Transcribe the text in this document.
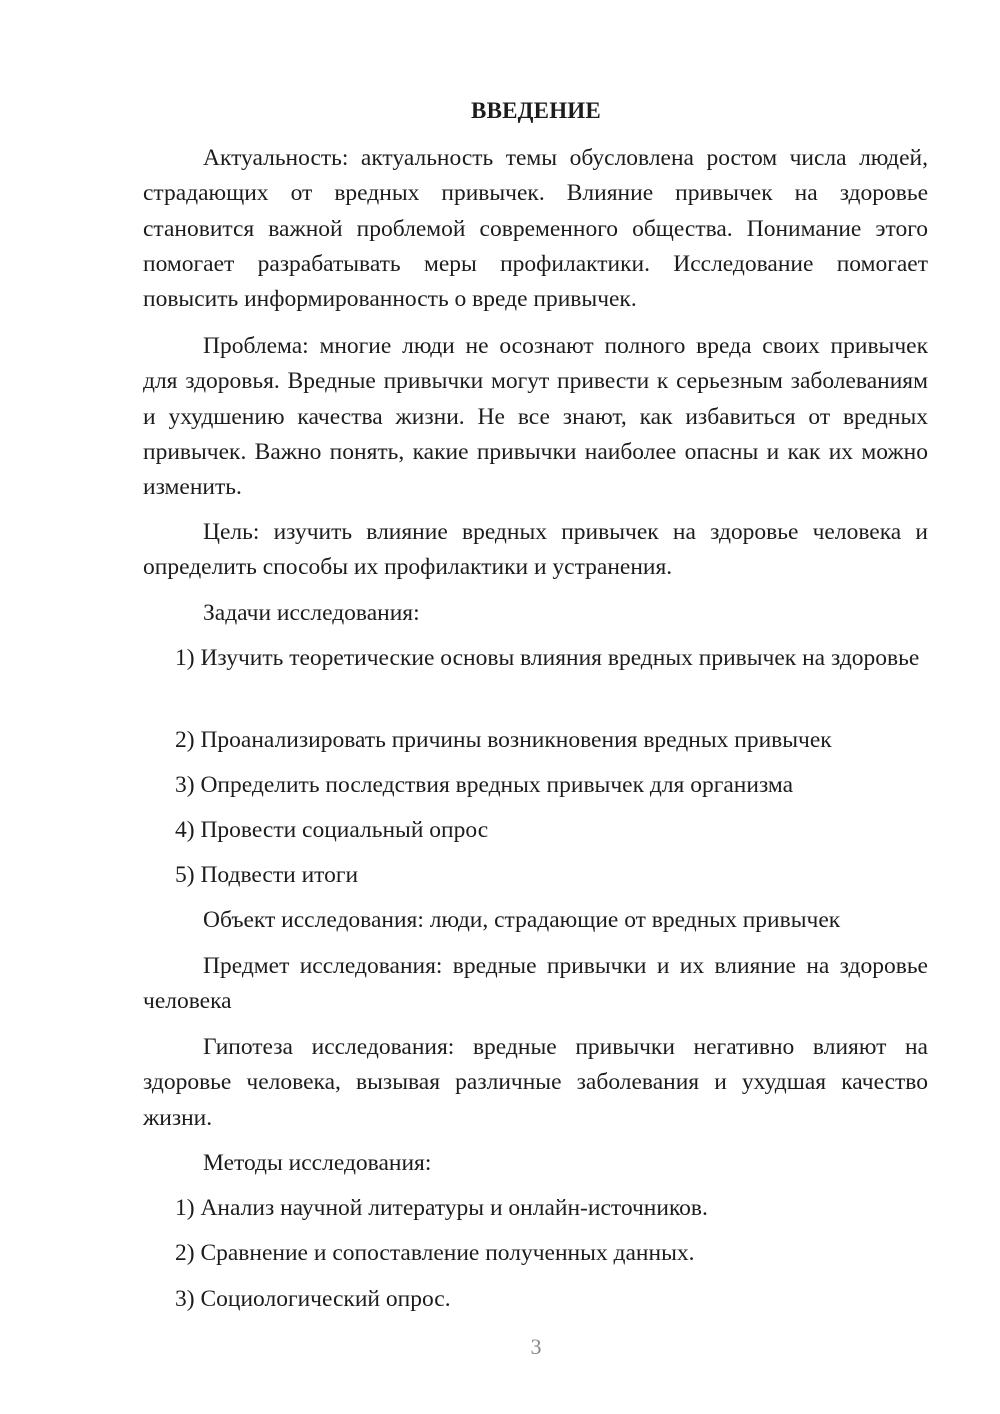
ВВЕДЕНИЕ

Актуальность: актуальность темы обусловлена ростом числа людей, страдающих от вредных привычек. Влияние привычек на здоровье становится важной проблемой современного общества. Понимание этого помогает разрабатывать меры профилактики. Исследование помогает повысить информированность о вреде привычек.

Проблема: многие люди не осознают полного вреда своих привычек для здоровья. Вредные привычки могут привести к серьезным заболеваниям и ухудшению качества жизни. Не все знают, как избавиться от вредных привычек. Важно понять, какие привычки наиболее опасны и как их можно изменить.

Цель: изучить влияние вредных привычек на здоровье человека и определить способы их профилактики и устранения.

Задачи исследования:

1) Изучить теоретические основы влияния вредных привычек на здоровье

2) Проанализировать причины возникновения вредных привычек

3) Определить последствия вредных привычек для организма

4) Провести социальный опрос

5) Подвести итоги

Объект исследования: люди, страдающие от вредных привычек

Предмет исследования: вредные привычки и их влияние на здоровье человека

Гипотеза исследования: вредные привычки негативно влияют на здоровье человека, вызывая различные заболевания и ухудшая качество жизни.

Методы исследования:

1) Анализ научной литературы и онлайн-источников.

2) Сравнение и сопоставление полученных данных.

3) Социологический опрос.

3
